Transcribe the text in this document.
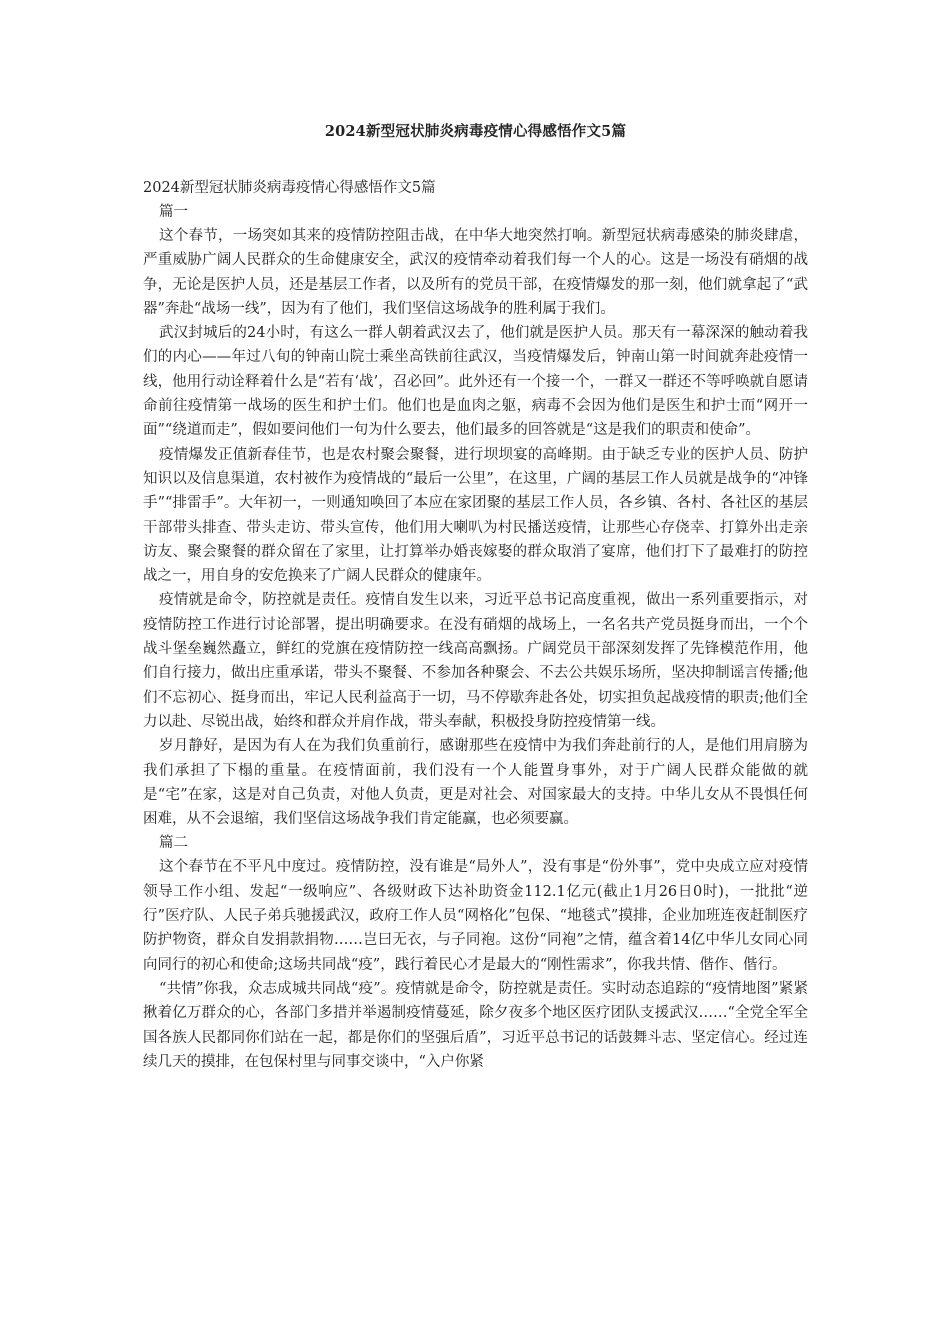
2024新型冠状肺炎病毒疫情心得感悟作文5篇

2024新型冠状肺炎病毒疫情心得感悟作文5篇

篇一

这个春节，一场突如其来的疫情防控阻击战，在中华大地突然打响。新型冠状病毒感染的肺炎肆虐，严重威胁广阔人民群众的生命健康安全，武汉的疫情牵动着我们每一个人的心。这是一场没有硝烟的战争，无论是医护人员，还是基层工作者，以及所有的党员干部，在疫情爆发的那一刻，他们就拿起了“武器”奔赴“战场一线”，因为有了他们，我们坚信这场战争的胜利属于我们。

武汉封城后的24小时，有这么一群人朝着武汉去了，他们就是医护人员。那天有一幕深深的触动着我们的内心——年过八旬的钟南山院士乘坐高铁前往武汉，当疫情爆发后，钟南山第一时间就奔赴疫情一线，他用行动诠释着什么是“若有‘战’，召必回”。此外还有一个接一个，一群又一群还不等呼唤就自愿请命前往疫情第一战场的医生和护士们。他们也是血肉之躯，病毒不会因为他们是医生和护士而“网开一面”“绕道而走”，假如要问他们一句为什么要去，他们最多的回答就是“这是我们的职责和使命”。

疫情爆发正值新春佳节，也是农村聚会聚餐，进行坝坝宴的高峰期。由于缺乏专业的医护人员、防护知识以及信息渠道，农村被作为疫情战的“最后一公里”，在这里，广阔的基层工作人员就是战争的“冲锋手”“排雷手”。大年初一，一则通知唤回了本应在家团聚的基层工作人员，各乡镇、各村、各社区的基层干部带头排查、带头走访、带头宣传，他们用大喇叭为村民播送疫情，让那些心存侥幸、打算外出走亲访友、聚会聚餐的群众留在了家里，让打算举办婚丧嫁娶的群众取消了宴席，他们打下了最难打的防控战之一，用自身的安危换来了广阔人民群众的健康年。

疫情就是命令，防控就是责任。疫情自发生以来，习近平总书记高度重视，做出一系列重要指示，对疫情防控工作进行讨论部署，提出明确要求。在没有硝烟的战场上，一名名共产党员挺身而出，一个个战斗堡垒巍然矗立，鲜红的党旗在疫情防控一线高高飘扬。广阔党员干部深刻发挥了先锋模范作用，他们自行接力，做出庄重承诺，带头不聚餐、不参加各种聚会、不去公共娱乐场所，坚决抑制谣言传播;他们不忘初心、挺身而出，牢记人民利益高于一切，马不停歇奔赴各处，切实担负起战疫情的职责;他们全力以赴、尽锐出战，始终和群众并肩作战，带头奉献，积极投身防控疫情第一线。

岁月静好，是因为有人在为我们负重前行，感谢那些在疫情中为我们奔赴前行的人，是他们用肩膀为我们承担了下榻的重量。在疫情面前，我们没有一个人能置身事外，对于广阔人民群众能做的就是“宅”在家，这是对自己负责，对他人负责，更是对社会、对国家最大的支持。中华儿女从不畏惧任何困难，从不会退缩，我们坚信这场战争我们肯定能赢，也必须要赢。

篇二

这个春节在不平凡中度过。疫情防控，没有谁是“局外人”，没有事是“份外事”，党中央成立应对疫情领导工作小组、发起“一级响应”、各级财政下达补助资金112.1亿元(截止1月26日0时)，一批批“逆行”医疗队、人民子弟兵驰援武汉，政府工作人员“网格化”包保、“地毯式”摸排，企业加班连夜赶制医疗防护物资，群众自发捐款捐物……岂曰无衣，与子同袍。这份“同袍”之情，蕴含着14亿中华儿女同心同向同行的初心和使命;这场共同战“疫”，践行着民心才是最大的“刚性需求”，你我共情、偕作、偕行。

“共情”你我，众志成城共同战“疫”。疫情就是命令，防控就是责任。实时动态追踪的“疫情地图”紧紧揪着亿万群众的心，各部门多措并举遏制疫情蔓延，除夕夜多个地区医疗团队支援武汉……“全党全军全国各族人民都同你们站在一起，都是你们的坚强后盾”，习近平总书记的话鼓舞斗志、坚定信心。经过连续几天的摸排，在包保村里与同事交谈中，“入户你紧
